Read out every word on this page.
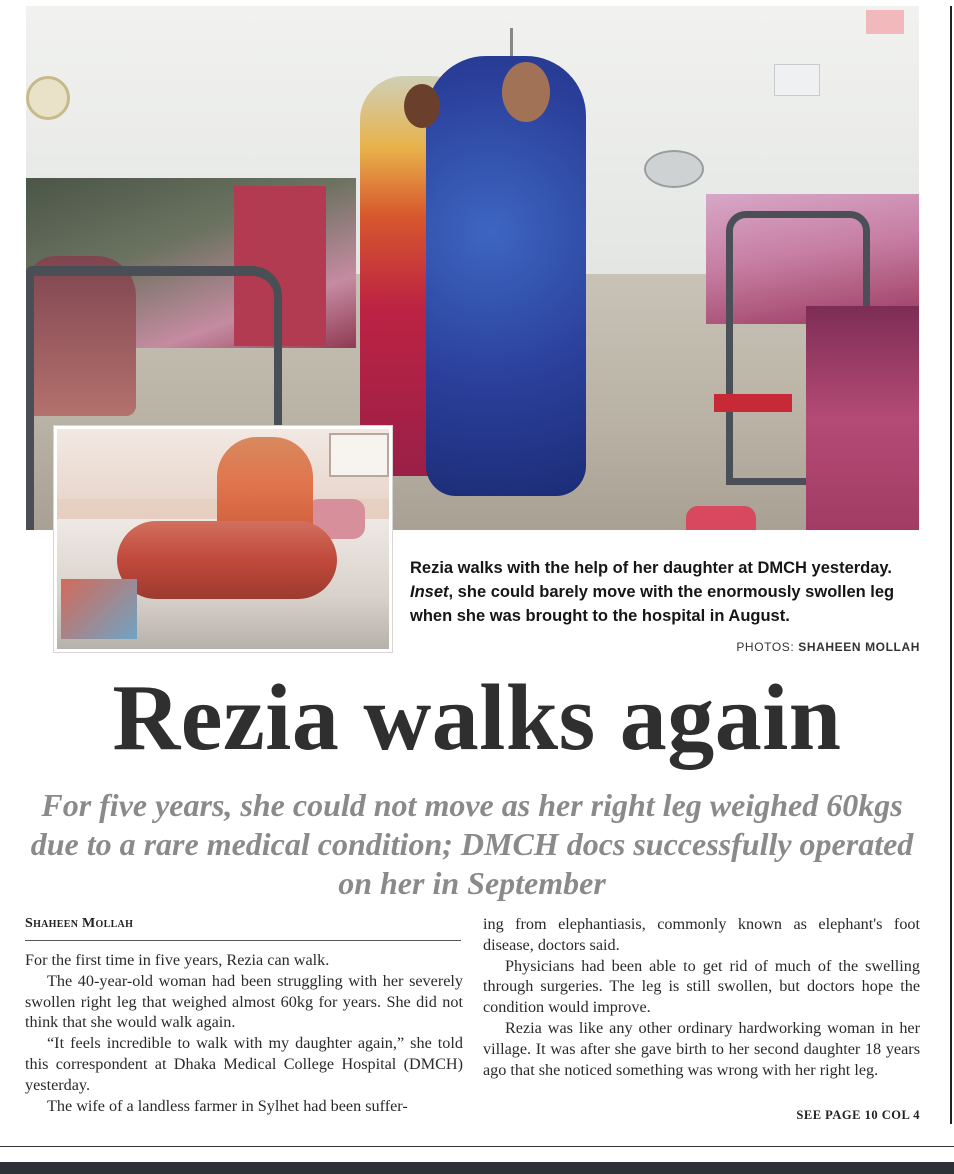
Rezia walks with the help of her daughter at DMCH yesterday. Inset, she could barely move with the enormously swollen leg when she was brought to the hospital in August.
PHOTOS: SHAHEEN MOLLAH
Rezia walks again
For five years, she could not move as her right leg weighed 60kgs due to a rare medical condition; DMCH docs successfully operated on her in September
Shaheen Mollah

For the first time in five years, Rezia can walk.

The 40-year-old woman had been struggling with her severely swollen right leg that weighed almost 60kg for years. She did not think that she would walk again.

“It feels incredible to walk with my daughter again,” she told this correspondent at Dhaka Medical College Hospital (DMCH) yesterday.

The wife of a landless farmer in Sylhet had been suffer-

ing from elephantiasis, commonly known as elephant's foot disease, doctors said.

Physicians had been able to get rid of much of the swelling through surgeries. The leg is still swollen, but doctors hope the condition would improve.

Rezia was like any other ordinary hardworking woman in her village. It was after she gave birth to her second daughter 18 years ago that she noticed something was wrong with her right leg.

SEE PAGE 10 COL 4
